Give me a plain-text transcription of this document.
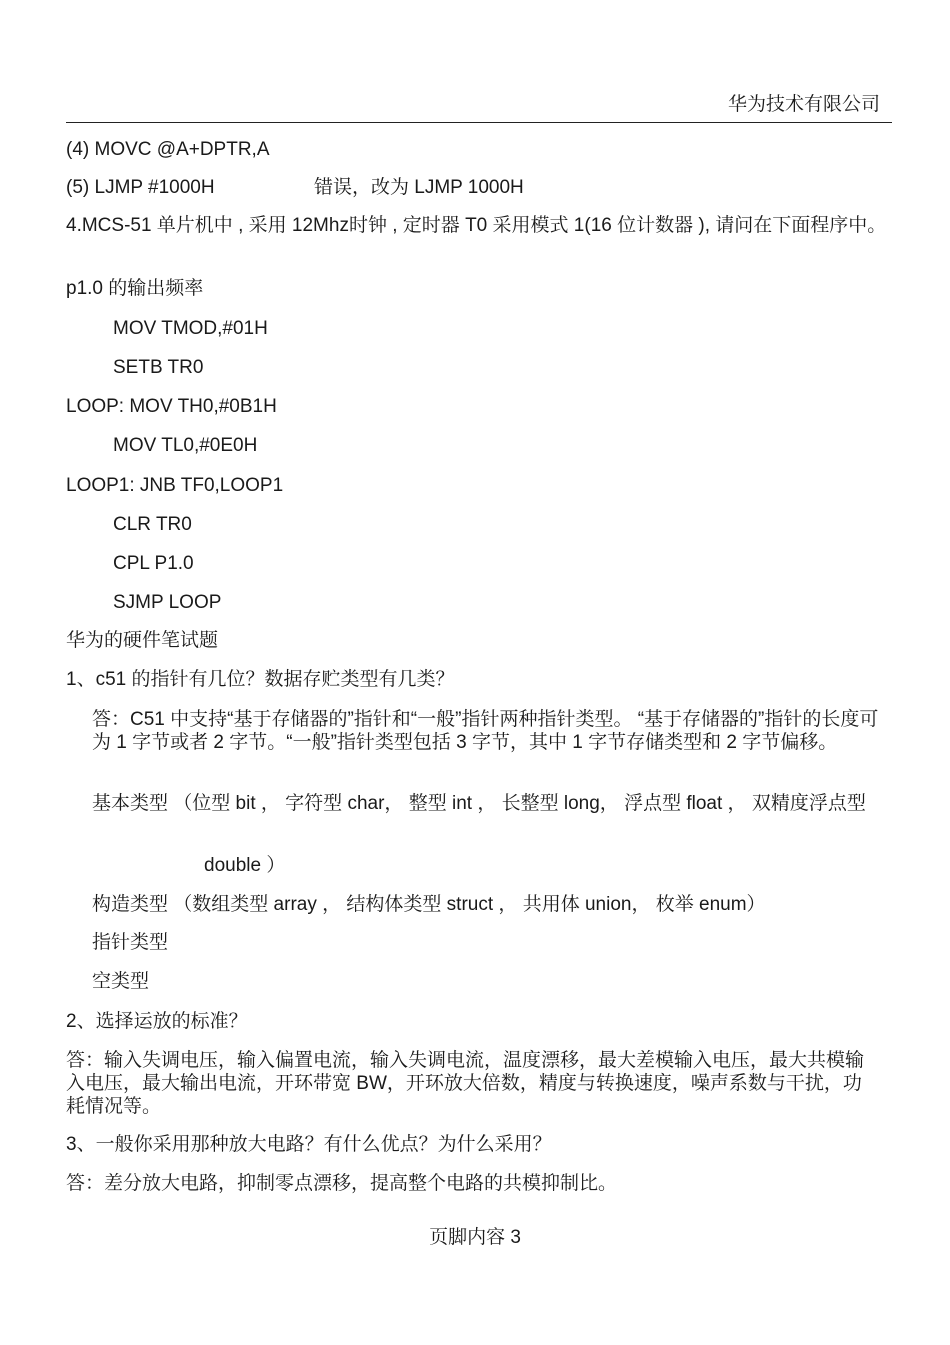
华为技术有限公司
(4) MOVC @A+DPTR,A
(5) LJMP #1000H	错误，改为 LJMP 1000H
4.MCS-51 单片机中 , 采用 12Mhz时钟 , 定时器 T0 采用模式 1(16 位计数器 ), 请问在下面程序中。
p1.0 的输出频率
MOV TMOD,#01H
SETB TR0
LOOP: MOV TH0,#0B1H
MOV TL0,#0E0H
LOOP1: JNB TF0,LOOP1
CLR TR0
CPL P1.0
SJMP LOOP
华为的硬件笔试题
1、c51 的指针有几位？数据存贮类型有几类？
答：C51 中支持“基于存储器的”指针和“一般”指针两种指针类型。 “基于存储器的”指针的长度可为 1 字节或者 2 字节。“一般”指针类型包括 3 字节，其中 1 字节存储类型和 2 字节偏移。
基本类型 （位型 bit ， 字符型 char， 整型 int ， 长整型 long， 浮点型 float ， 双精度浮点型
double ）
构造类型 （数组类型 array ， 结构体类型 struct ， 共用体 union， 枚举 enum）
指针类型
空类型
2、选择运放的标准？
答：输入失调电压，输入偏置电流，输入失调电流，温度漂移，最大差模输入电压，最大共模输入电压，最大输出电流，开环带宽 BW，开环放大倍数，精度与转换速度，噪声系数与干扰，功耗情况等。
3、一般你采用那种放大电路？有什么优点？为什么采用？
答：差分放大电路，抑制零点漂移，提高整个电路的共模抑制比。
页脚内容 3
